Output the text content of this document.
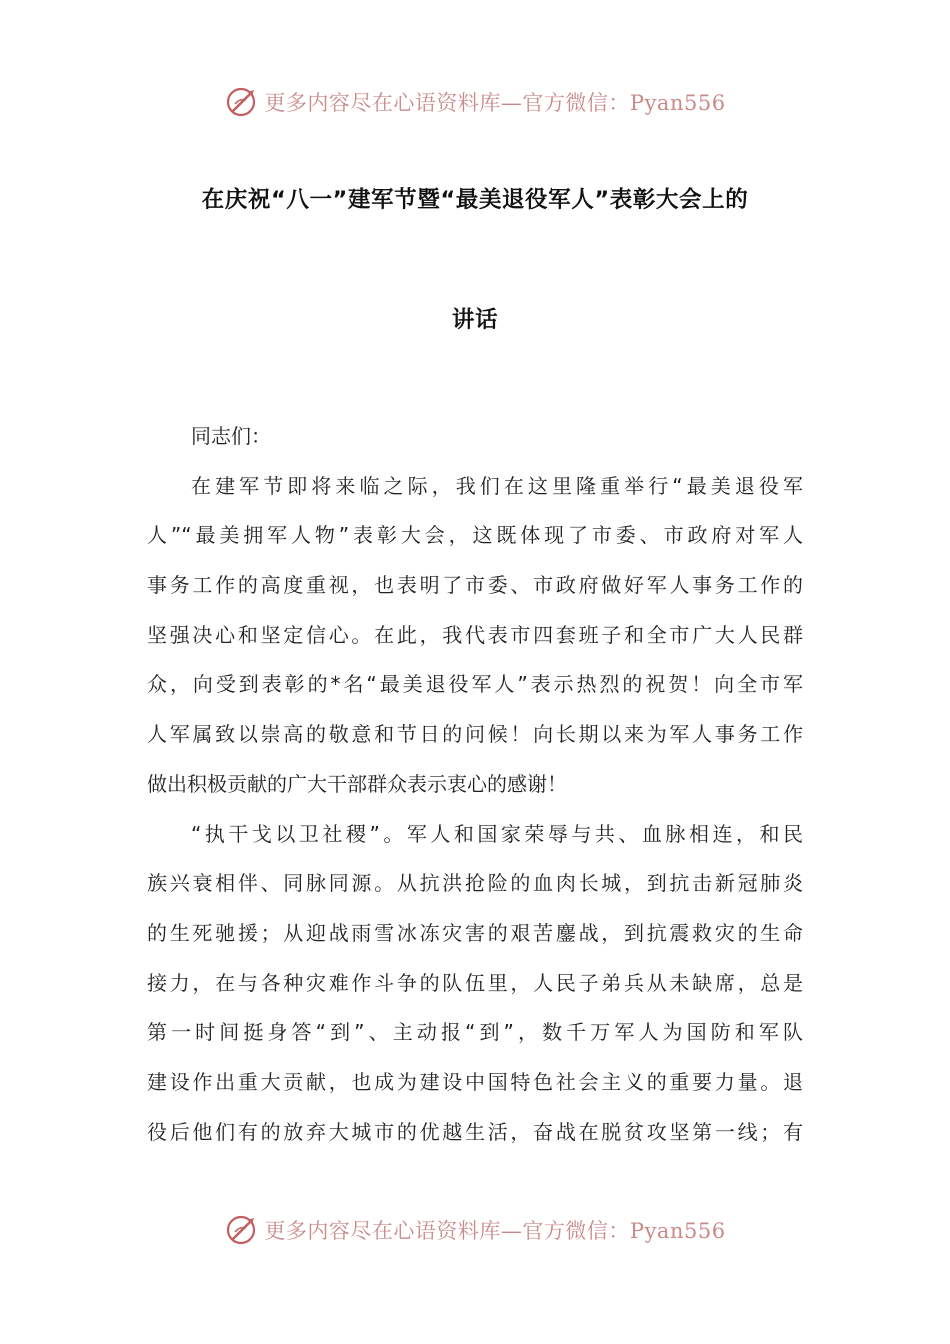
更多内容尽在心语资料库—官方微信：Pyan556
在庆祝“八一”建军节暨“最美退役军人”表彰大会上的
讲话
同志们：
在建军节即将来临之际，我们在这里隆重举行“最美退役军
人”“最美拥军人物”表彰大会，这既体现了市委、市政府对军人
事务工作的高度重视，也表明了市委、市政府做好军人事务工作的
坚强决心和坚定信心。在此，我代表市四套班子和全市广大人民群
众，向受到表彰的*名“最美退役军人”表示热烈的祝贺！向全市军
人军属致以崇高的敬意和节日的问候！向长期以来为军人事务工作
做出积极贡献的广大干部群众表示衷心的感谢！
“执干戈以卫社稷”。军人和国家荣辱与共、血脉相连，和民
族兴衰相伴、同脉同源。从抗洪抢险的血肉长城，到抗击新冠肺炎
的生死驰援；从迎战雨雪冰冻灾害的艰苦鏖战，到抗震救灾的生命
接力，在与各种灾难作斗争的队伍里，人民子弟兵从未缺席，总是
第一时间挺身答“到”、主动报“到”，数千万军人为国防和军队
建设作出重大贡献，也成为建设中国特色社会主义的重要力量。退
役后他们有的放弃大城市的优越生活，奋战在脱贫攻坚第一线；有
更多内容尽在心语资料库—官方微信：Pyan556
